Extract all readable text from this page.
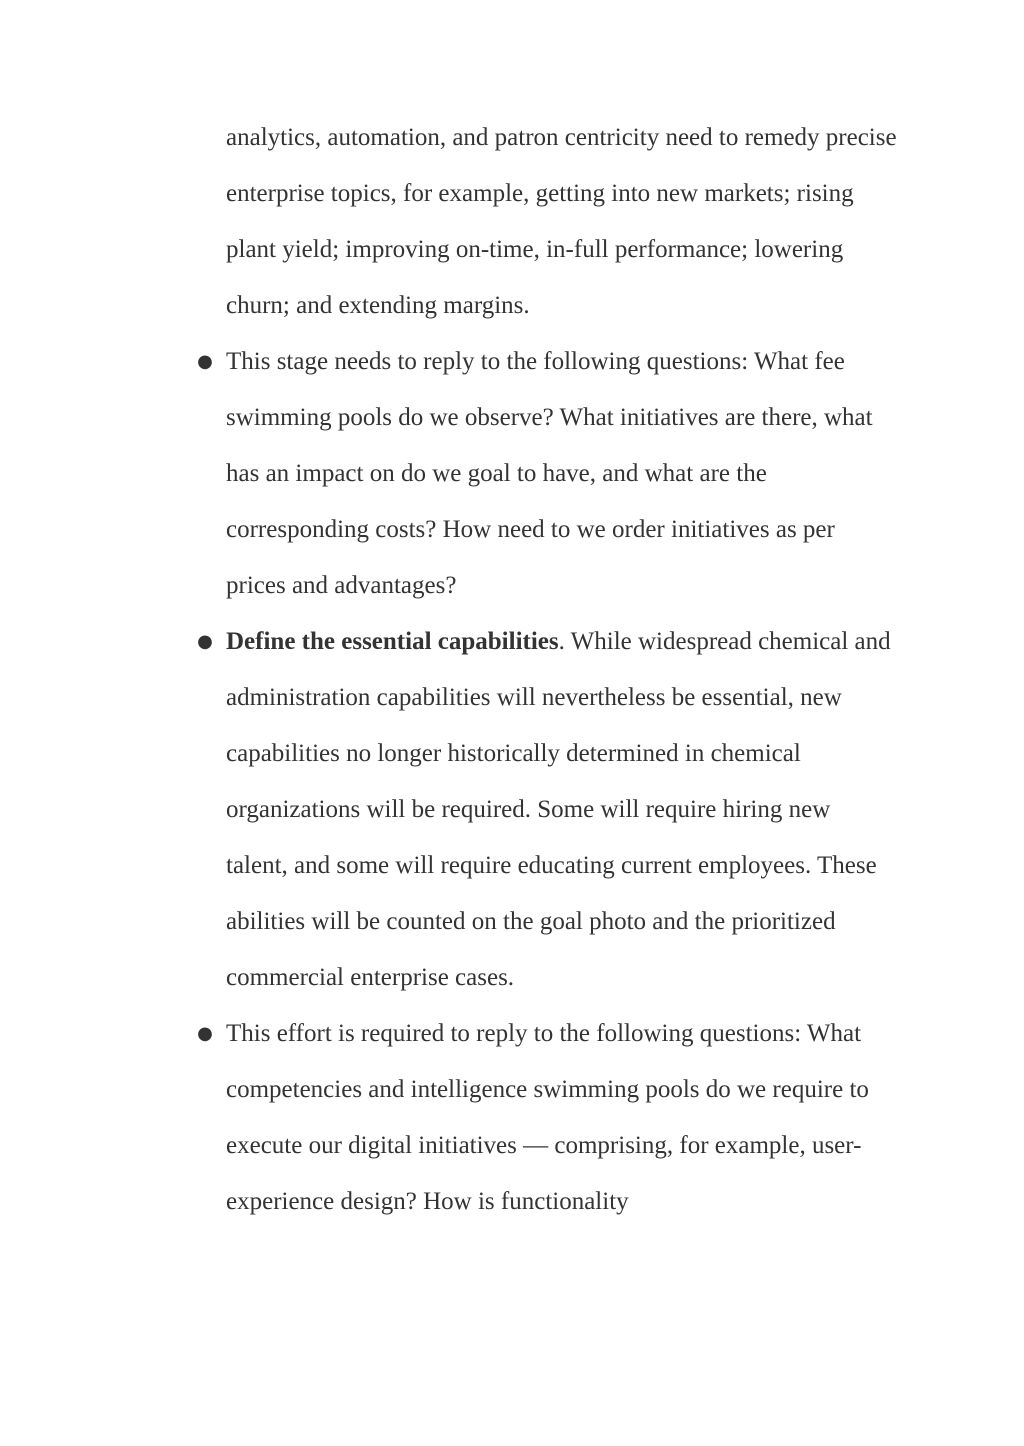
analytics, automation, and patron centricity need to remedy precise enterprise topics, for example, getting into new markets; rising plant yield; improving on-time, in-full performance; lowering churn; and extending margins.

● This stage needs to reply to the following questions: What fee swimming pools do we observe? What initiatives are there, what has an impact on do we goal to have, and what are the corresponding costs? How need to we order initiatives as per prices and advantages?
● Define the essential capabilities. While widespread chemical and administration capabilities will nevertheless be essential, new capabilities no longer historically determined in chemical organizations will be required. Some will require hiring new talent, and some will require educating current employees. These abilities will be counted on the goal photo and the prioritized commercial enterprise cases.
● This effort is required to reply to the following questions: What competencies and intelligence swimming pools do we require to execute our digital initiatives — comprising, for example, user-experience design? How is functionality
